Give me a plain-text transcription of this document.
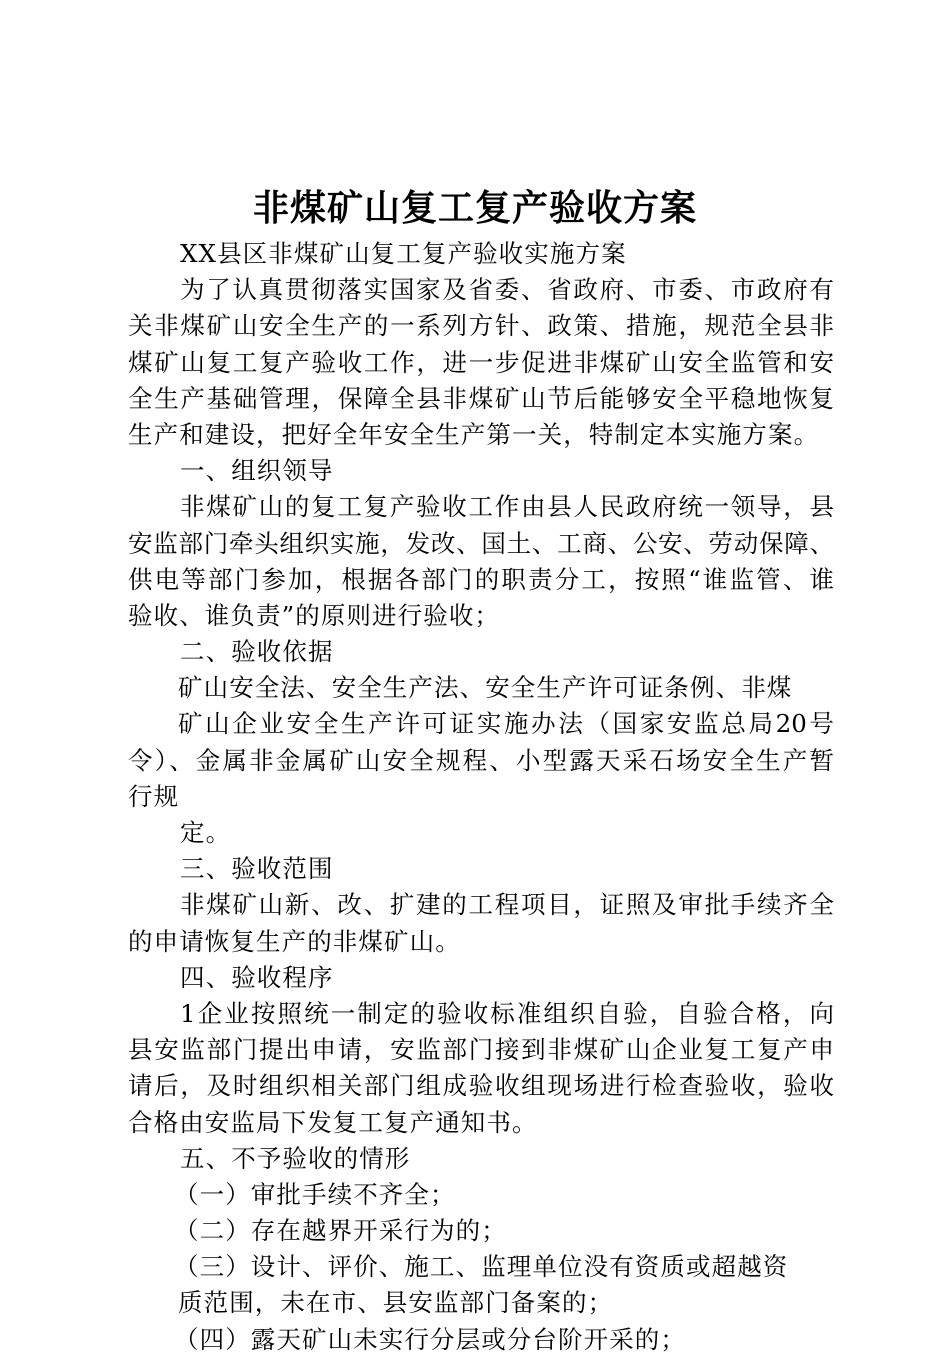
非煤矿山复工复产验收方案
XX县区非煤矿山复工复产验收实施方案
为了认真贯彻落实国家及省委、省政府、市委、市政府有
关非煤矿山安全生产的一系列方针、政策、措施，规范全县非
煤矿山复工复产验收工作，进一步促进非煤矿山安全监管和安
全生产基础管理，保障全县非煤矿山节后能够安全平稳地恢复
生产和建设，把好全年安全生产第一关，特制定本实施方案。
一、组织领导
非煤矿山的复工复产验收工作由县人民政府统一领导，县
安监部门牵头组织实施，发改、国土、工商、公安、劳动保障、
供电等部门参加，根据各部门的职责分工，按照“谁监管、谁
验收、谁负责”的原则进行验收；
二、验收依据
矿山安全法、安全生产法、安全生产许可证条例、非煤
矿山企业安全生产许可证实施办法（国家安监总局20号
令）、金属非金属矿山安全规程、小型露天采石场安全生产暂
行规
定。
三、验收范围
非煤矿山新、改、扩建的工程项目，证照及审批手续齐全
的申请恢复生产的非煤矿山。
四、验收程序
1企业按照统一制定的验收标准组织自验，自验合格，向
县安监部门提出申请，安监部门接到非煤矿山企业复工复产申
请后，及时组织相关部门组成验收组现场进行检查验收，验收
合格由安监局下发复工复产通知书。
五、不予验收的情形
（一）审批手续不齐全；
（二）存在越界开采行为的；
（三）设计、评价、施工、监理单位没有资质或超越资
质范围，未在市、县安监部门备案的；
（四）露天矿山未实行分层或分台阶开采的；
